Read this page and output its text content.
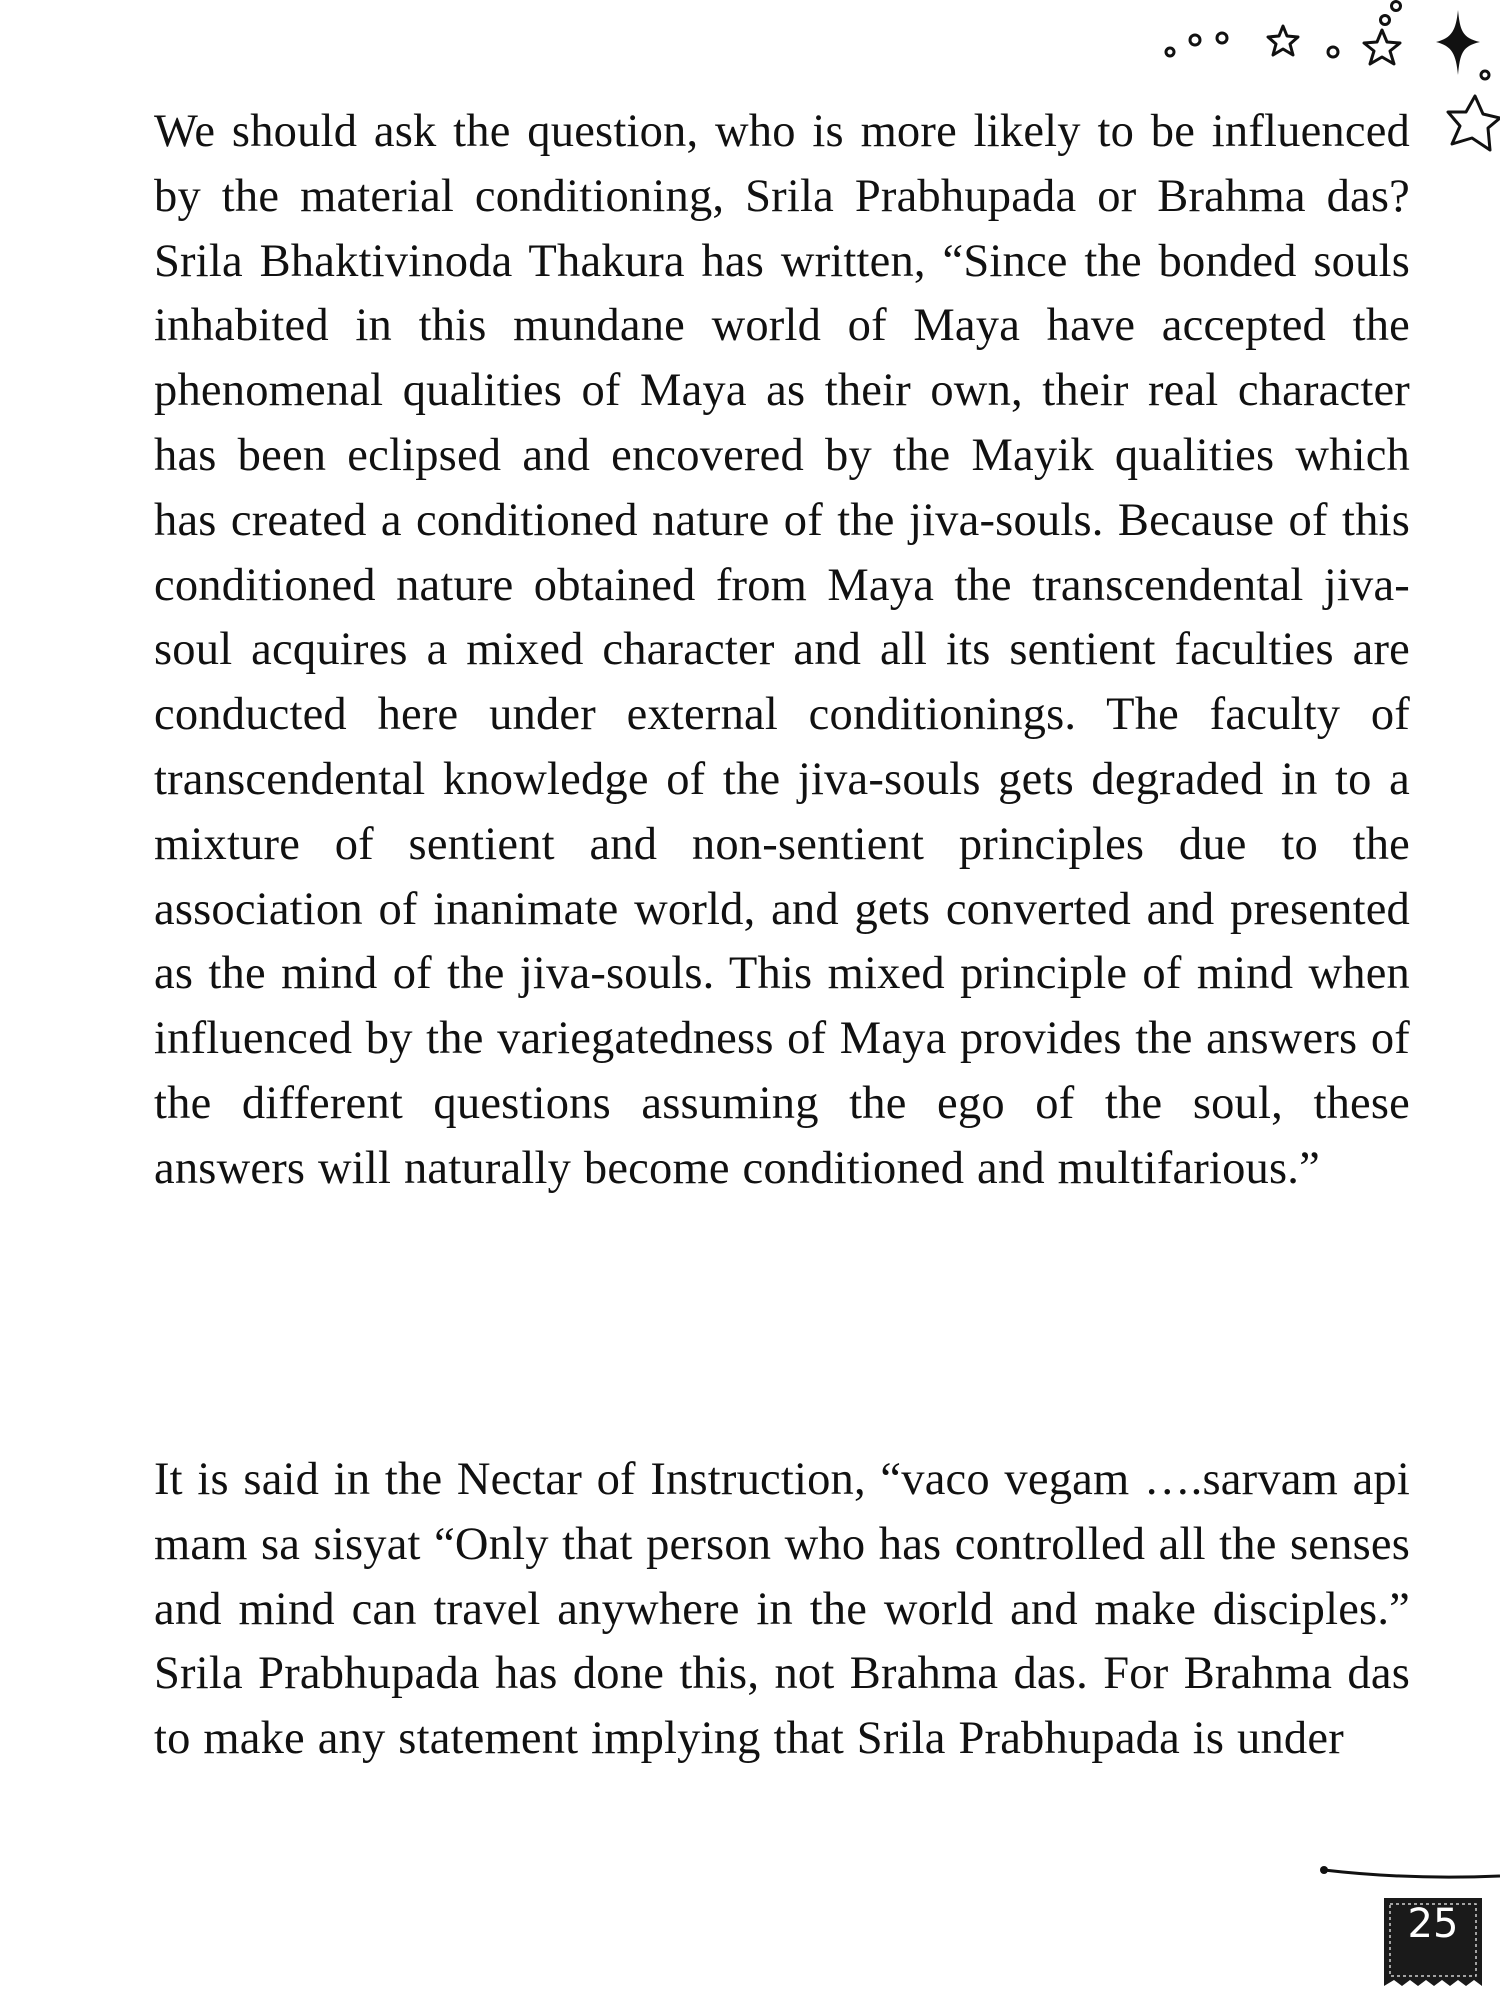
We should ask the question, who is more likely to be influenced by the material conditioning, Srila Prabhupada or Brahma das? Srila Bhaktivinoda Thakura has written, “Since the bonded souls inhabited in this mundane world of Maya have accepted the phenomenal qualities of Maya as their own, their real character has been eclipsed and encovered by the Mayik qualities which has created a conditioned nature of the jiva-souls. Because of this conditioned nature obtained from Maya the transcendental jiva-soul acquires a mixed character and all its sentient faculties are conducted here under external conditionings. The faculty of transcendental knowledge of the jiva-souls gets degraded in to a mixture of sentient and non-sentient principles due to the association of inanimate world, and gets converted and presented as the mind of the jiva-souls. This mixed principle of mind when influenced by the variegatedness of Maya provides the answers of the different questions assuming the ego of the soul, these answers will naturally become conditioned and multifarious.”
It is said in the Nectar of Instruction, “vaco vegam ….sarvam api mam sa sisyat “Only that person who has controlled all the senses and mind can travel anywhere in the world and make disciples.” Srila Prabhupada has done this, not Brahma das. For Brahma das to make any statement implying that Srila Prabhupada is under
25
